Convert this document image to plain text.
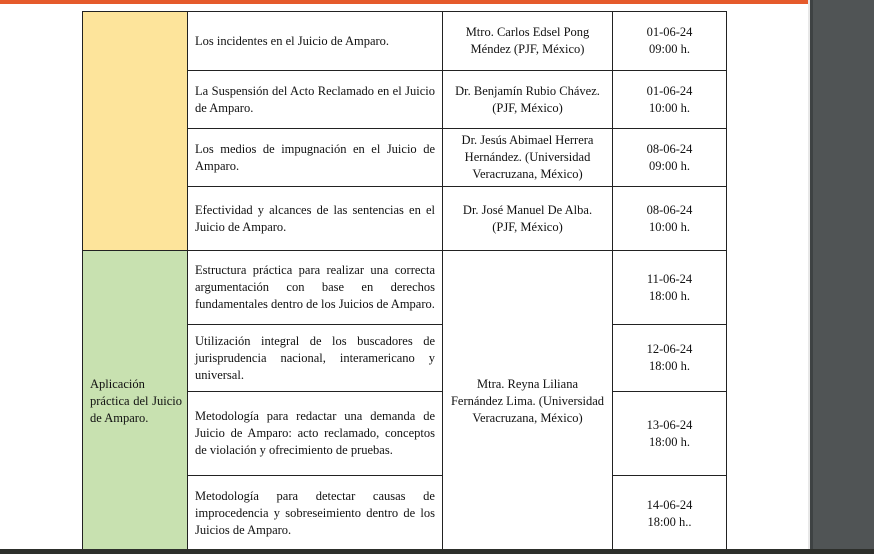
	Los incidentes en el Juicio de Amparo.	Mtro. Carlos Edsel Pong Méndez (PJF, México)	01-06-24
09:00 h.

	La Suspensión del Acto Reclamado en el Juicio de Amparo.	Dr. Benjamín Rubio Chávez. (PJF, México)	01-06-24
10:00 h.

	Los medios de impugnación en el Juicio de Amparo.	Dr. Jesús Abimael Herrera Hernández. (Universidad Veracruzana, México)	08-06-24
09:00 h.

	Efectividad y alcances de las sentencias en el Juicio de Amparo.	Dr. José Manuel De Alba. (PJF, México)	08-06-24
10:00 h.

Aplicación práctica del Juicio de Amparo.	Estructura práctica para realizar una correcta argumentación con base en derechos fundamentales dentro de los Juicios de Amparo.	Mtra. Reyna Liliana Fernández Lima. (Universidad Veracruzana, México)	11-06-24
18:00 h.

	Utilización integral de los buscadores de jurisprudencia nacional, interamericano y universal.		12-06-24
18:00 h.

	Metodología para redactar una demanda de Juicio de Amparo: acto reclamado, conceptos de violación y ofrecimiento de pruebas.		13-06-24
18:00 h.

	Metodología para detectar causas de improcedencia y sobreseimiento dentro de los Juicios de Amparo.		14-06-24
18:00 h..
